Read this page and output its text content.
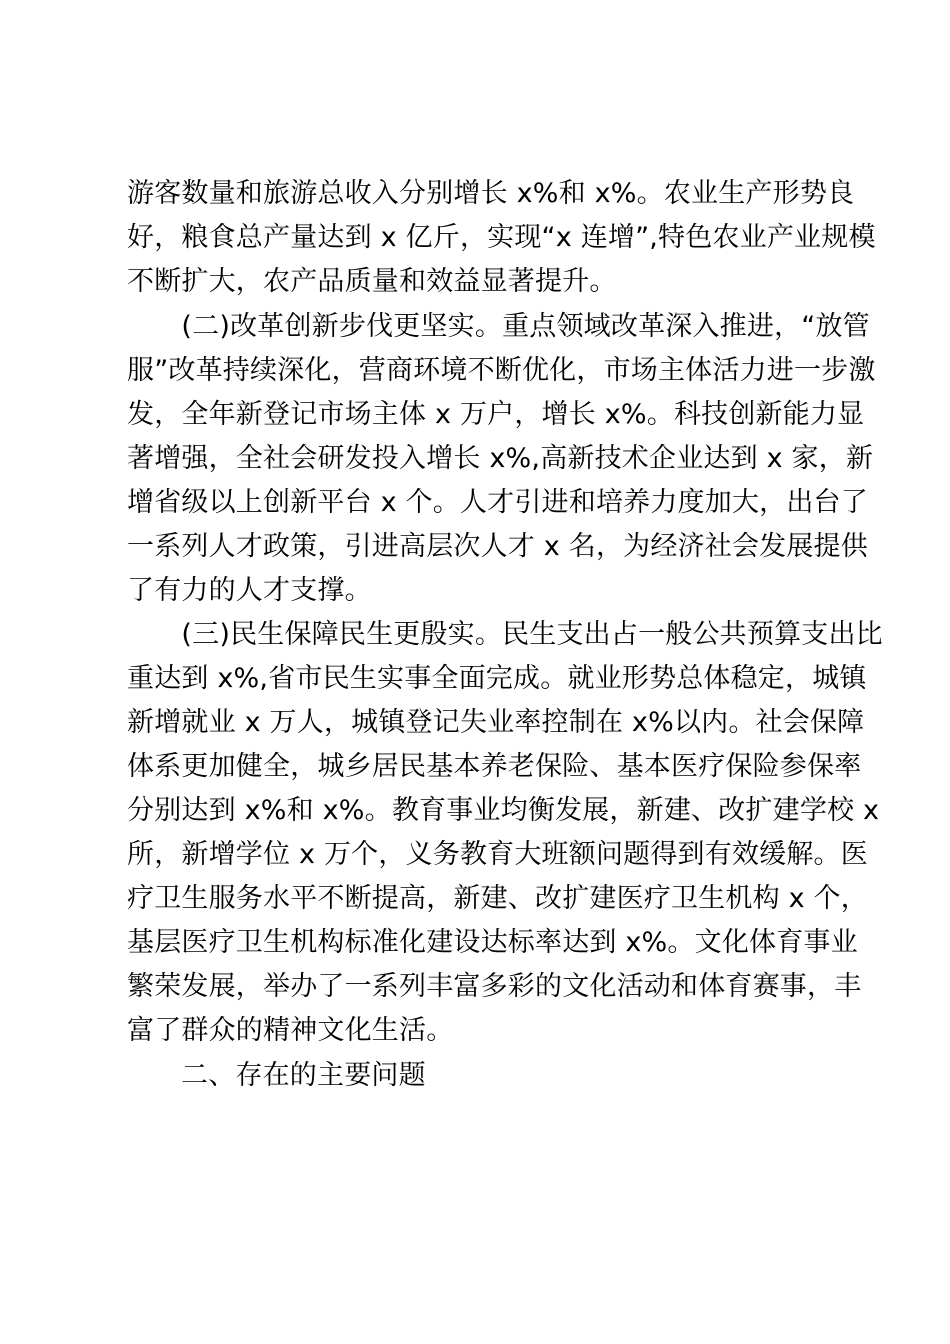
游客数量和旅游总收入分别增长 x%和 x%。农业生产形势良
好，粮食总产量达到 x 亿斤，实现“x 连增”,特色农业产业规模
不断扩大，农产品质量和效益显著提升。
　　(二)改革创新步伐更坚实。重点领域改革深入推进，“放管
服”改革持续深化，营商环境不断优化，市场主体活力进一步激
发，全年新登记市场主体 x 万户，增长 x%。科技创新能力显
著增强，全社会研发投入增长 x%,高新技术企业达到 x 家，新
增省级以上创新平台 x 个。人才引进和培养力度加大，出台了
一系列人才政策，引进高层次人才 x 名，为经济社会发展提供
了有力的人才支撑。
　　(三)民生保障民生更殷实。民生支出占一般公共预算支出比
重达到 x%,省市民生实事全面完成。就业形势总体稳定，城镇
新增就业 x 万人，城镇登记失业率控制在 x%以内。社会保障
体系更加健全，城乡居民基本养老保险、基本医疗保险参保率
分别达到 x%和 x%。教育事业均衡发展，新建、改扩建学校 x
所，新增学位 x 万个，义务教育大班额问题得到有效缓解。医
疗卫生服务水平不断提高，新建、改扩建医疗卫生机构 x 个，
基层医疗卫生机构标准化建设达标率达到 x%。文化体育事业
繁荣发展，举办了一系列丰富多彩的文化活动和体育赛事，丰
富了群众的精神文化生活。
二、存在的主要问题
